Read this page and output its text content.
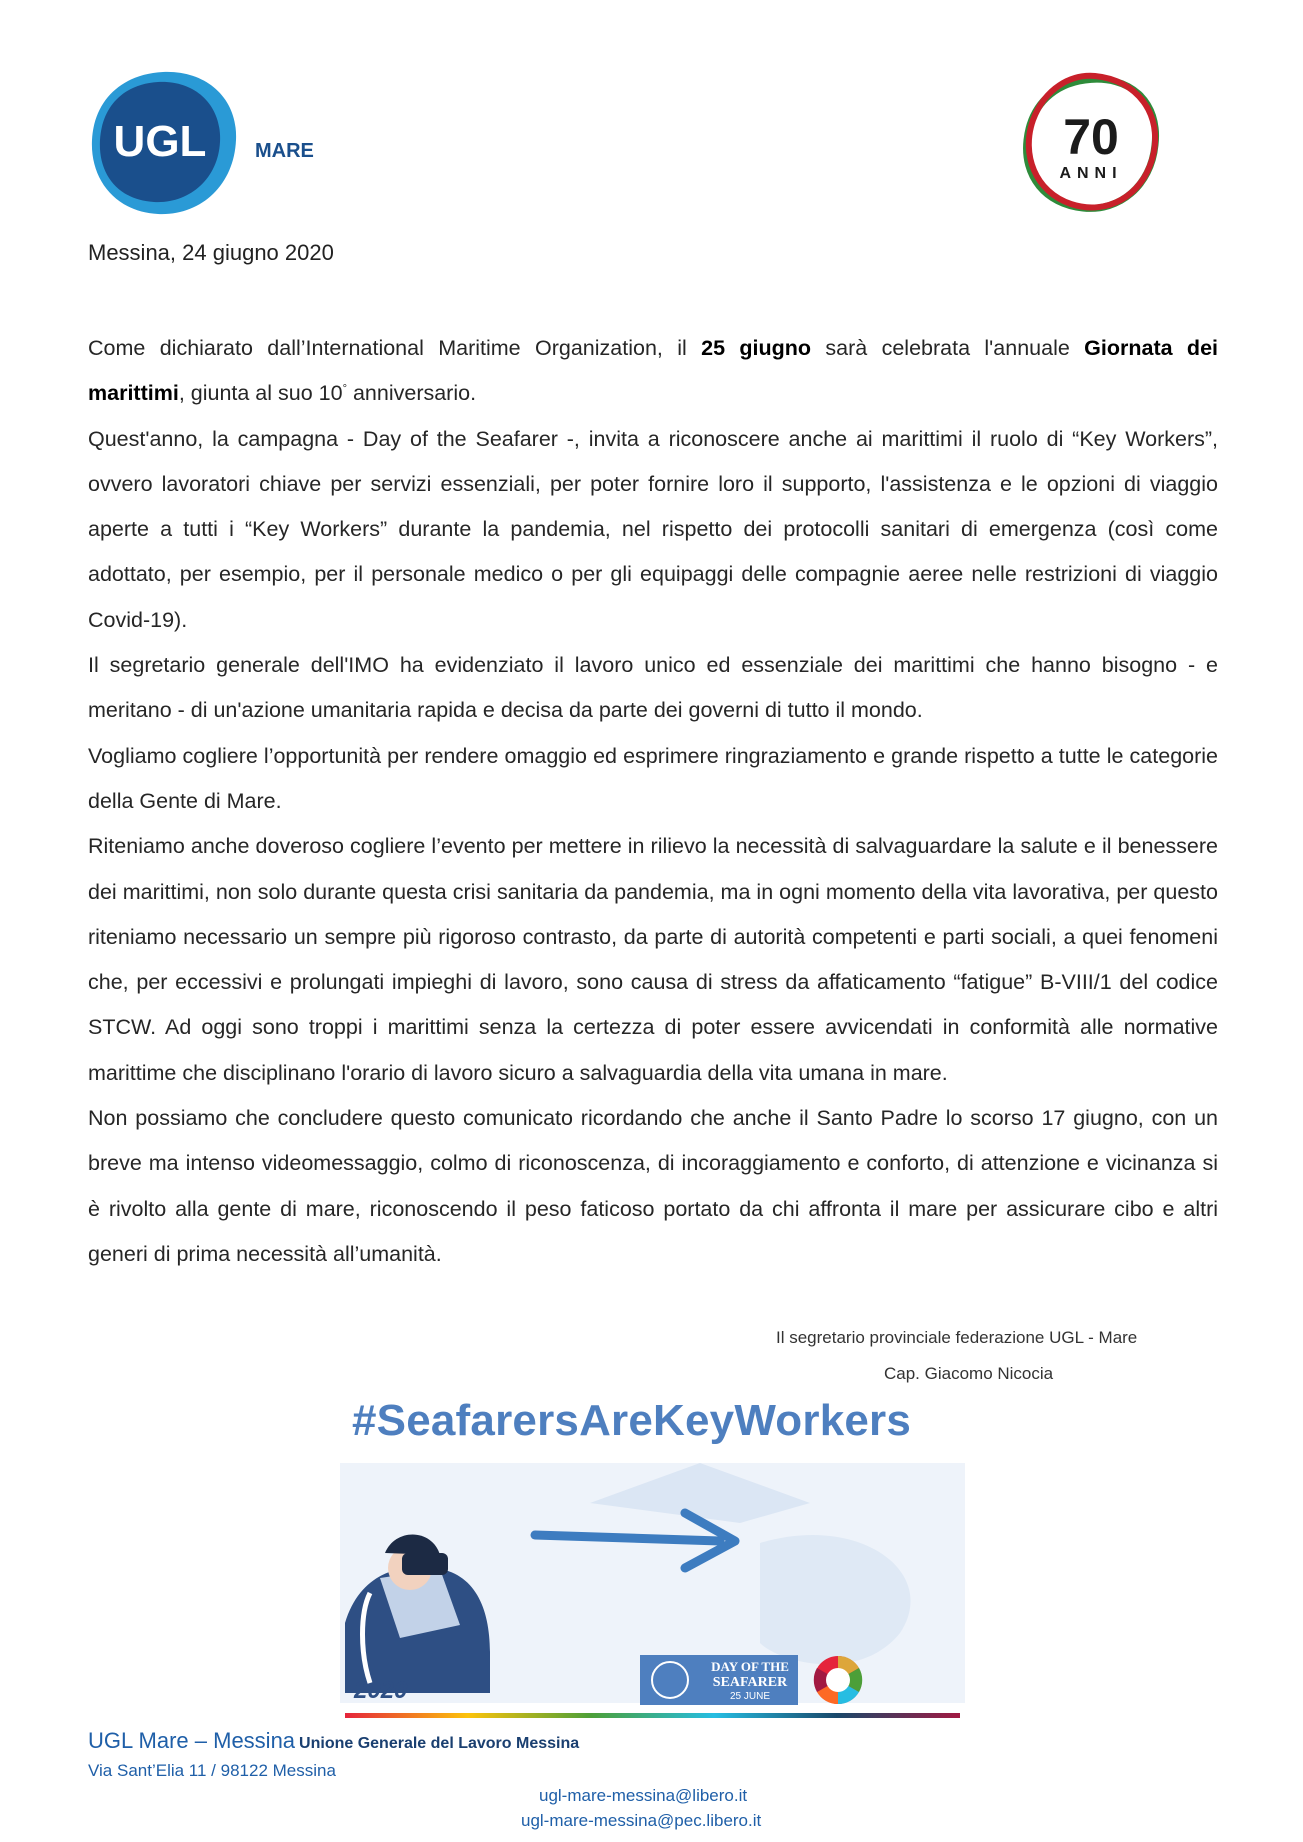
UGL MARE	70
ANNI
Messina, 24 giugno 2020

Come dichiarato dall’International Maritime Organization, il 25 giugno sarà celebrata l'annuale Giornata dei marittimi, giunta al suo 10° anniversario.

Quest'anno, la campagna - Day of the Seafarer -, invita a riconoscere anche ai marittimi il ruolo di “Key Workers”, ovvero lavoratori chiave per servizi essenziali, per poter fornire loro il supporto, l'assistenza e le opzioni di viaggio aperte a tutti i “Key Workers” durante la pandemia, nel rispetto dei protocolli sanitari di emergenza (così come adottato, per esempio, per il personale medico o per gli equipaggi delle compagnie aeree nelle restrizioni di viaggio Covid-19).

Il segretario generale dell'IMO ha evidenziato il lavoro unico ed essenziale dei marittimi che hanno bisogno - e meritano - di un'azione umanitaria rapida e decisa da parte dei governi di tutto il mondo.

Vogliamo cogliere l’opportunità per rendere omaggio ed esprimere ringraziamento e grande rispetto a tutte le categorie della Gente di Mare.

Riteniamo anche doveroso cogliere l’evento per mettere in rilievo la necessità di salvaguardare la salute e il benessere dei marittimi, non solo durante questa crisi sanitaria da pandemia, ma in ogni momento della vita lavorativa, per questo riteniamo necessario un sempre più rigoroso contrasto, da parte di autorità competenti e parti sociali, a quei fenomeni che, per eccessivi e prolungati impieghi di lavoro, sono causa di stress da affaticamento “fatigue” B-VIII/1 del codice STCW. Ad oggi sono troppi i marittimi senza la certezza di poter essere avvicendati in conformità alle normative marittime che disciplinano l'orario di lavoro sicuro a salvaguardia della vita umana in mare.

Non possiamo che concludere questo comunicato ricordando che anche il Santo Padre lo scorso 17 giugno, con un breve ma intenso videomessaggio, colmo di riconoscenza, di incoraggiamento e conforto, di attenzione e vicinanza si è rivolto alla gente di mare, riconoscendo il peso faticoso portato da chi affronta il mare per assicurare cibo e altri generi di prima necessità all’umanità.

Il segretario provinciale federazione UGL - Mare
Cap. Giacomo Nicocia
2020
DAY OF THE
SEAFARER
25 JUNE
#SeafarersAreKeyWorkers
UGL Mare – Messina Unione Generale del Lavoro Messina
Via Sant’Elia 11 / 98122 Messina
ugl-mare-messina@libero.it
ugl-mare-messina@pec.libero.it
